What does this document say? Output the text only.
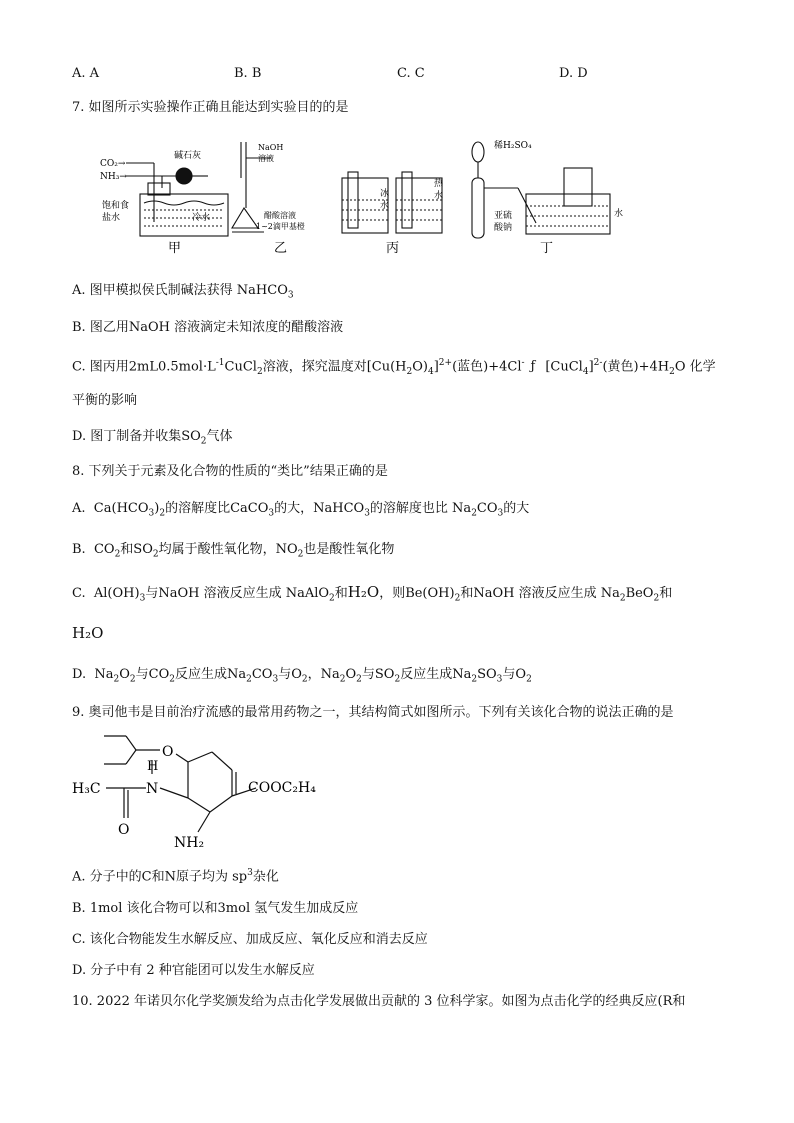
A. A	B. B	C. C	D. D
7. 如图所示实验操作正确且能达到实验目的的是
CO₂→
NH₃→
碱石灰
饱和食
盐水	冷水
甲
NaOH
溶液
醋酸溶液
1~2滴甲基橙
乙
冰
水
热
水
丙
稀H₂SO₄
亚硫
酸钠
水
丁
A. 图甲模拟侯氏制碱法获得 NaHCO$_3$
B. 图乙用NaOH 溶液滴定未知浓度的醋酸溶液
C. 图丙用$2mL0.5mol\cdot L^{-1}CuCl_2$溶液，探究温度对$[Cu(H_2O)_4]^{2+}$(蓝色)+4Cl- ƒ [CuCl$_4$]$^{2-}$(黄色)$+4H_2O$ 化学
平衡的影响
D. 图丁制备并收集$SO_2$气体
8. 下列关于元素及化合物的性质的“类比”结果正确的是
A. $Ca(HCO_3)_2$的溶解度比CaCO$_3$的大，NaHCO$_3$的溶解度也比 $Na_2CO_3$的大
B. $CO_2$和$SO_2$均属于酸性氧化物，$NO_2$也是酸性氧化物
C. $Al(OH)_3$与NaOH 溶液反应生成 NaAlO$_2$和H₂O，则$Be(OH)_2$和NaOH 溶液反应生成 $Na_2BeO_2$和
H₂O
D. $Na_2O_2$与$CO_2$反应生成$Na_2CO_3$与$O_2$，$Na_2O_2$与$SO_2$反应生成$Na_2SO_3$与$O_2$
9. 奥司他韦是目前治疗流感的最常用药物之一，其结构简式如图所示。下列有关该化合物的说法正确的是
O
H
N
H₃C
O
COOC₂H₄
NH₂
A. 分子中的C和N原子均为 $sp^3$杂化
B. 1mol 该化合物可以和3mol 氢气发生加成反应
C. 该化合物能发生水解反应、加成反应、氧化反应和消去反应
D. 分子中有 2 种官能团可以发生水解反应
10. 2022 年诺贝尔化学奖颁发给为点击化学发展做出贡献的 3 位科学家。如图为点击化学的经典反应(R和
